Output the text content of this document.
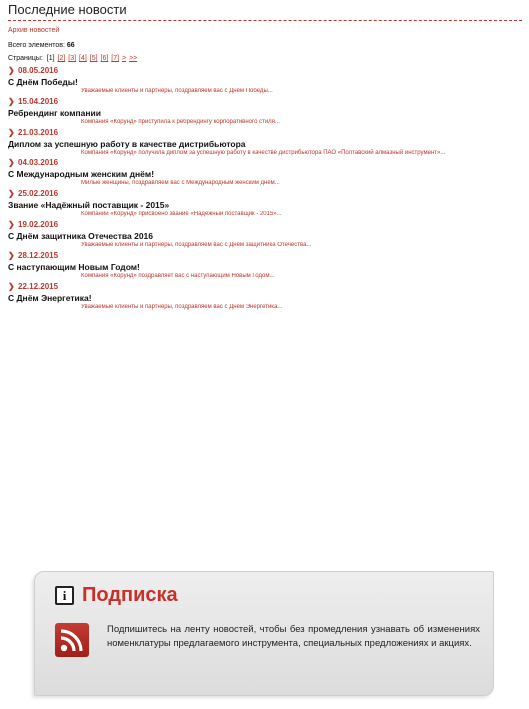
Последние новости
Архив новостей
Всего элементов: 66
Страницы: [1] [2] [3] [4] [5] [6] [7] > >>
❯ 08.05.2016
С Днём Победы!
Уважаемые клиенты и партнёры, поздравляем вас с Днём Победы...
❯ 15.04.2016
Ребрендинг компании
Компания «Корунд» приступила к ребрендингу корпоративного стиля...
❯ 21.03.2016
Диплом за успешную работу в качестве дистрибьютора
Компания «Корунд» получила диплом за успешную работу в качестве дистрибьютора ПАО «Полтавский алмазный инструмент»...
❯ 04.03.2016
С Международным женским днём!
Милые женщины, поздравляем вас с Международным женским днём...
❯ 25.02.2016
Звание «Надёжный поставщик - 2015»
Компании «Корунд» присвоено звание «Надёжный поставщик - 2015»...
❯ 19.02.2016
С Днём защитника Отечества 2016
Уважаемые клиенты и партнёры, поздравляем вас с Днём защитника Отечества...
❯ 28.12.2015
С наступающим Новым Годом!
Компания «Корунд» поздравляет вас с наступающим Новым Годом...
❯ 22.12.2015
С Днём Энергетика!
Уважаемые клиенты и партнёры, поздравляем вас с Днём Энергетика...
i Подписка
Подпишитесь на ленту новостей, чтобы без промедления узнавать об изменениях номенклатуры предлагаемого инструмента, специальных предложениях и акциях.
